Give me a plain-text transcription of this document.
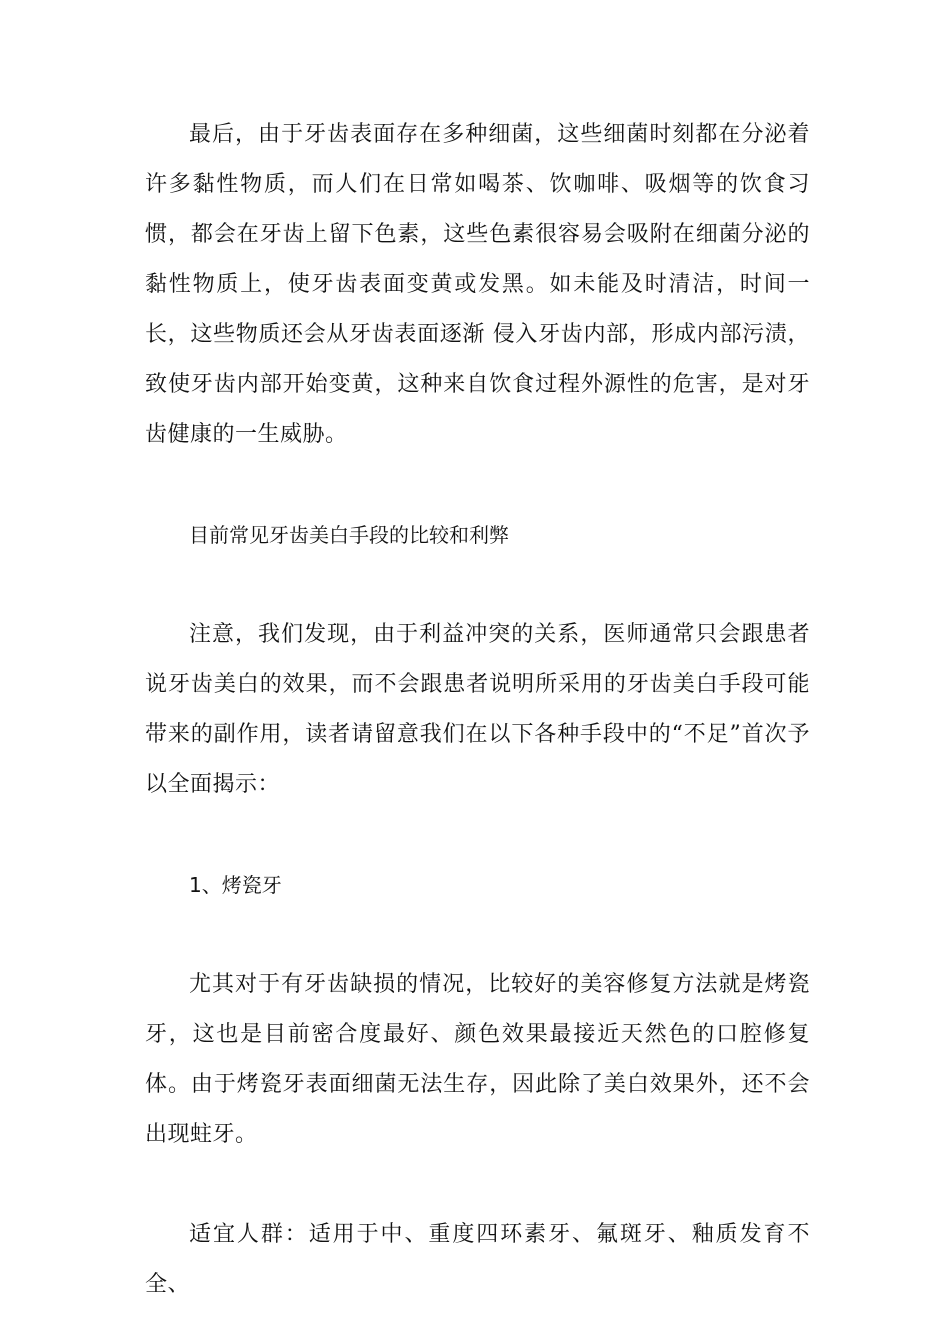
最后，由于牙齿表面存在多种细菌，这些细菌时刻都在分泌着许多黏性物质，而人们在日常如喝茶、饮咖啡、吸烟等的饮食习 惯，都会在牙齿上留下色素，这些色素很容易会吸附在细菌分泌的黏性物质上，使牙齿表面变黄或发黑。如未能及时清洁，时间一长，这些物质还会从牙齿表面逐渐 侵入牙齿内部，形成内部污渍，致使牙齿内部开始变黄，这种来自饮食过程外源性的危害，是对牙齿健康的一生威胁。

目前常见牙齿美白手段的比较和利弊

注意，我们发现，由于利益冲突的关系，医师通常只会跟患者说牙齿美白的效果，而不会跟患者说明所采用的牙齿美白手段可能带来的副作用，读者请留意我们在以下各种手段中的“不足”首次予以全面揭示：

1、烤瓷牙

尤其对于有牙齿缺损的情况，比较好的美容修复方法就是烤瓷牙，这也是目前密合度最好、颜色效果最接近天然色的口腔修复体。由于烤瓷牙表面细菌无法生存，因此除了美白效果外，还不会出现蛀牙。

适宜人群：适用于中、重度四环素牙、氟斑牙、釉质发育不全、
